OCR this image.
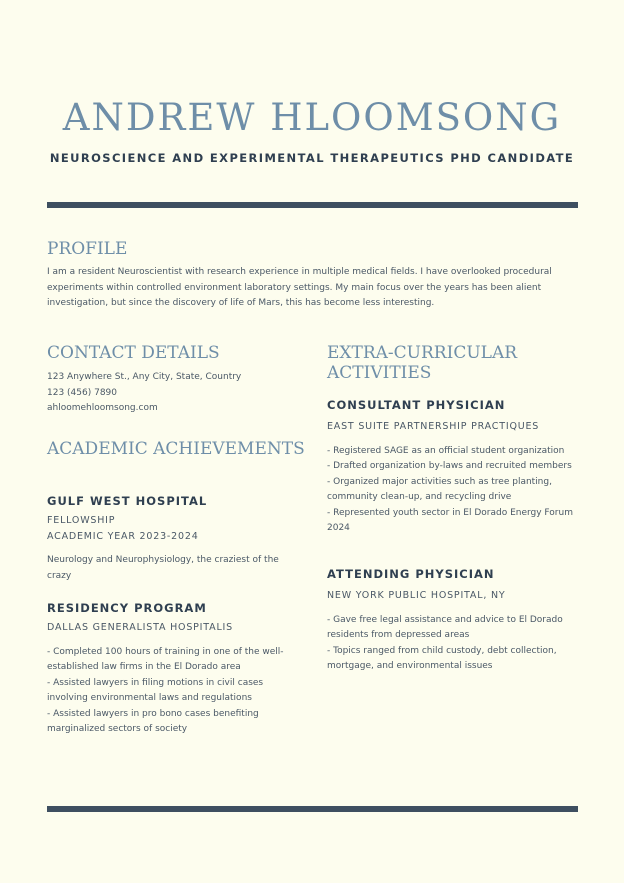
ANDREW HLOOMSONG
NEUROSCIENCE AND EXPERIMENTAL THERAPEUTICS PHD CANDIDATE
PROFILE
I am a resident Neuroscientist with research experience in multiple medical fields. I have overlooked procedural experiments within controlled environment laboratory settings. My main focus over the years has been alient investigation, but since the discovery of life of Mars, this has become less interesting.
CONTACT DETAILS
123 Anywhere St., Any City, State, Country
123 (456) 7890
ahloomehloomsong.com
ACADEMIC ACHIEVEMENTS
GULF WEST HOSPITAL
FELLOWSHIP
ACADEMIC YEAR 2023-2024
Neurology and Neurophysiology, the craziest of the crazy
RESIDENCY PROGRAM
DALLAS GENERALISTA HOSPITALIS
- Completed 100 hours of training in one of the well-established law firms in the El Dorado area
- Assisted lawyers in filing motions in civil cases involving environmental laws and regulations
- Assisted lawyers in pro bono cases benefiting marginalized sectors of society
EXTRA-CURRICULAR ACTIVITIES
CONSULTANT PHYSICIAN
EAST SUITE PARTNERSHIP PRACTIQUES
- Registered SAGE as an official student organization
- Drafted organization by-laws and recruited members
- Organized major activities such as tree planting, community clean-up, and recycling drive
- Represented youth sector in El Dorado Energy Forum 2024
ATTENDING PHYSICIAN
NEW YORK PUBLIC HOSPITAL, NY
- Gave free legal assistance and advice to El Dorado residents from depressed areas
- Topics ranged from child custody, debt collection, mortgage, and environmental issues
